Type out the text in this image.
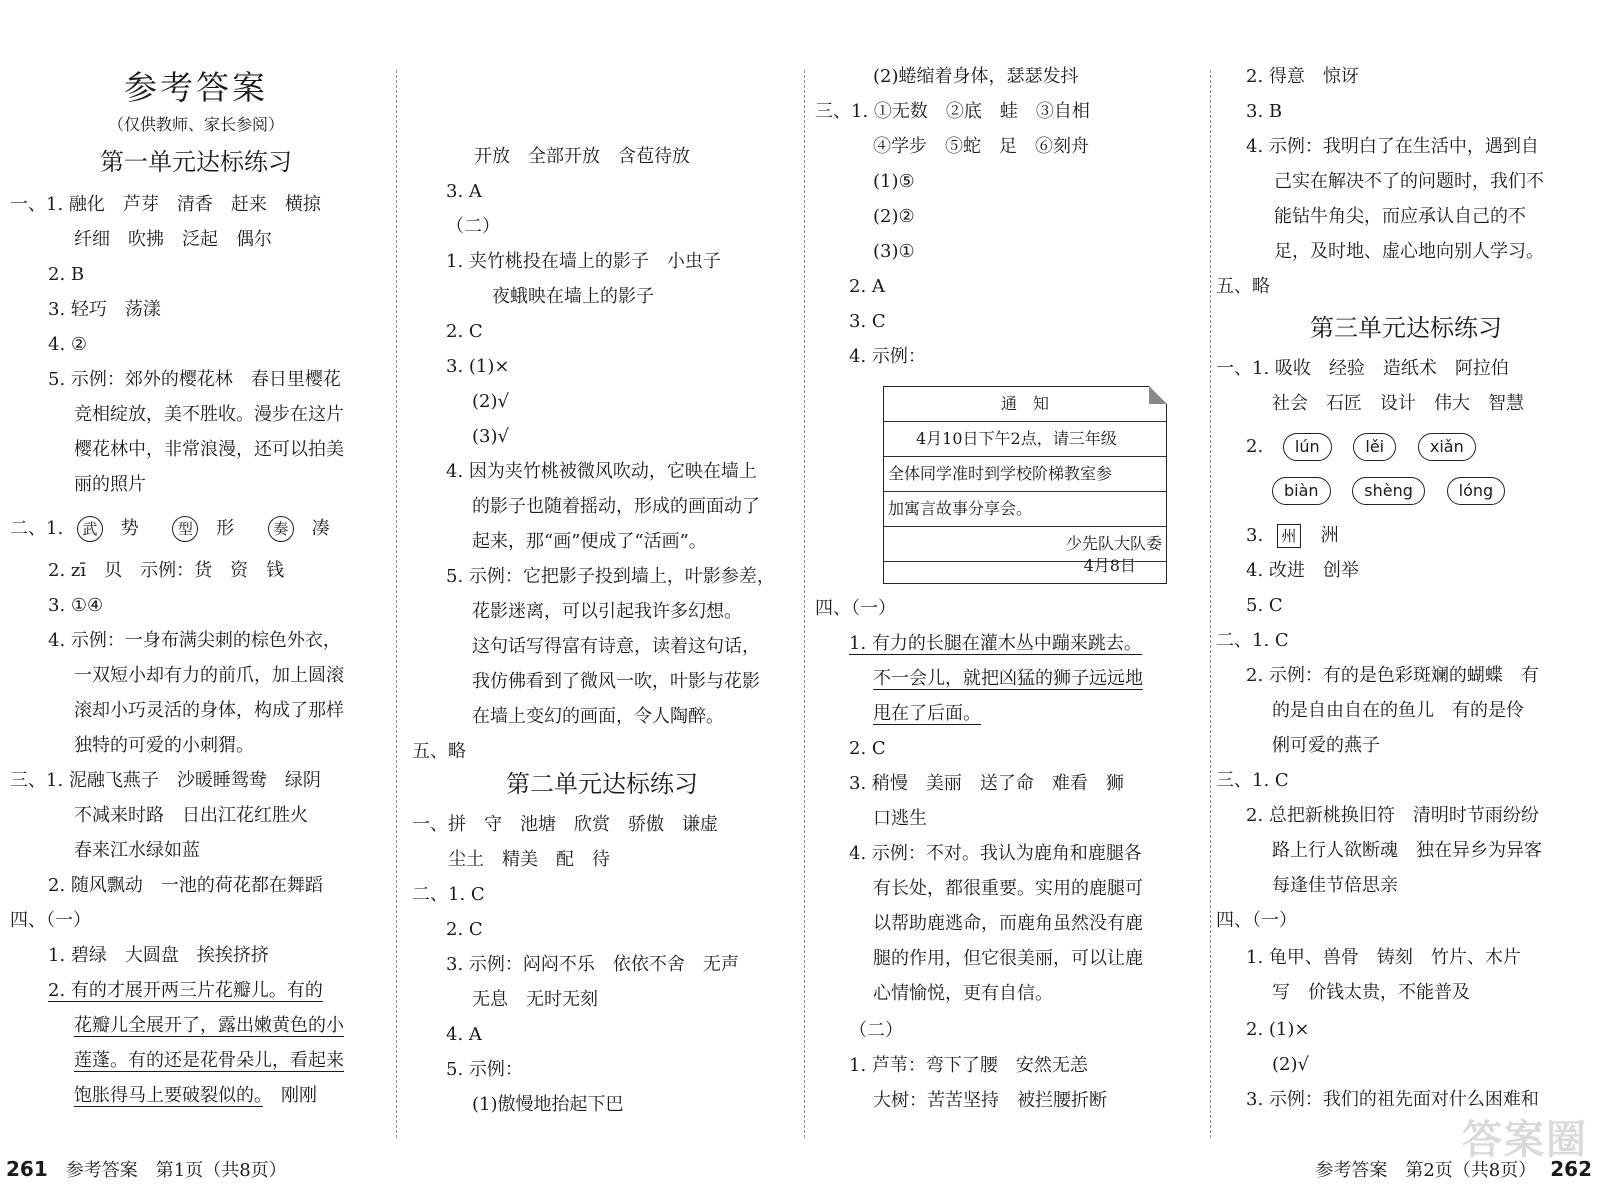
参考答案
（仅供教师、家长参阅）
第一单元达标练习
一、1. 融化　芦芽　清香　赶来　横掠
纤细　吹拂　泛起　偶尔
2. B
3. 轻巧　荡漾
4. ②
5. 示例：郊外的樱花林　春日里樱花
竞相绽放，美不胜收。漫步在这片
樱花林中，非常浪漫，还可以拍美
丽的照片
二、1. 武 势	型 形	奏 凑
2. zī　贝　示例：货　资　钱
3. ①④
4. 示例：一身布满尖刺的棕色外衣，
一双短小却有力的前爪，加上圆滚
滚却小巧灵活的身体，构成了那样
独特的可爱的小刺猬。
三、1. 泥融飞燕子　沙暖睡鸳鸯　绿阴
不减来时路　日出江花红胜火
春来江水绿如蓝
2. 随风飘动　一池的荷花都在舞蹈
四、（一）
1. 碧绿　大圆盘　挨挨挤挤
2. 有的才展开两三片花瓣儿。有的
花瓣儿全展开了，露出嫩黄色的小
莲蓬。有的还是花骨朵儿，看起来
饱胀得马上要破裂似的。　刚刚
开放　全部开放　含苞待放
3. A
（二）
1. 夹竹桃投在墙上的影子　小虫子
夜蛾映在墙上的影子
2. C
3. (1)×
(2)√
(3)√
4. 因为夹竹桃被微风吹动，它映在墙上
的影子也随着摇动，形成的画面动了
起来，那“画”便成了“活画”。
5. 示例：它把影子投到墙上，叶影参差，
花影迷离，可以引起我许多幻想。
这句话写得富有诗意，读着这句话，
我仿佛看到了微风一吹，叶影与花影
在墙上变幻的画面，令人陶醉。
五、略
第二单元达标练习
一、拼　守　池塘　欣赏　骄傲　谦虚
尘土　精美　配　待
二、1. C
2. C
3. 示例：闷闷不乐　依依不舍　无声
无息　无时无刻
4. A
5. 示例：
(1)傲慢地抬起下巴
(2)蜷缩着身体，瑟瑟发抖
三、1. ①无数　②底　蛙　③自相
④学步　⑤蛇　足　⑥刻舟
(1)⑤
(2)②
(3)①
2. A
3. C
4. 示例：
通　知
4月10日下午2点，请三年级
全体同学准时到学校阶梯教室参
加寓言故事分享会。
少先队大队委
4月8日
四、（一）
1. 有力的长腿在灌木丛中蹦来跳去。
不一会儿，就把凶猛的狮子远远地
甩在了后面。
2. C
3. 稍慢　美丽　送了命　难看　狮
口逃生
4. 示例：不对。我认为鹿角和鹿腿各
有长处，都很重要。实用的鹿腿可
以帮助鹿逃命，而鹿角虽然没有鹿
腿的作用，但它很美丽，可以让鹿
心情愉悦，更有自信。
（二）
1. 芦苇：弯下了腰　安然无恙
大树：苦苦坚持　被拦腰折断
2. 得意　惊讶
3. B
4. 示例：我明白了在生活中，遇到自
己实在解决不了的问题时，我们不
能钻牛角尖，而应承认自己的不
足，及时地、虚心地向别人学习。
五、略
第三单元达标练习
一、1. 吸收　经验　造纸术　阿拉伯
社会　石匠　设计　伟大　智慧
2. lún	lěi	xiǎn
biàn	shèng	lóng
3. 州 洲
4. 改进　创举
5. C
二、1. C
2. 示例：有的是色彩斑斓的蝴蝶　有
的是自由自在的鱼儿　有的是伶
俐可爱的燕子
三、1. C
2. 总把新桃换旧符　清明时节雨纷纷
路上行人欲断魂　独在异乡为异客
每逢佳节倍思亲
四、（一）
1. 龟甲、兽骨　铸刻　竹片、木片
写　价钱太贵，不能普及
2. (1)×
(2)√
3. 示例：我们的祖先面对什么困难和
261 参考答案　第1页（共8页）	参考答案　第2页（共8页） 262
答案圈
